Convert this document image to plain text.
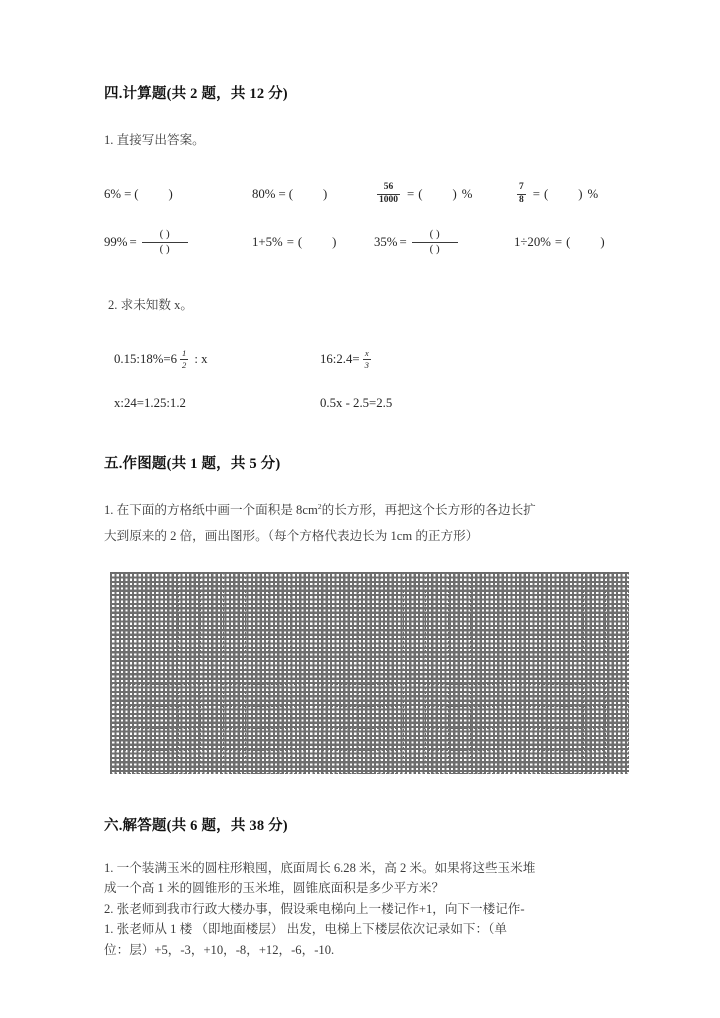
四.计算题(共 2 题，共 12 分)
1. 直接写出答案。
6% = ( )	80% = ( )	$\frac{56}{1000}$ = ( ) %	$\frac{7}{8}$ = ( ) %
$99\% = \frac{( )}{( )}$	1+5% = ( )	$35\% = \frac{( )}{( )}$	1÷20% = ( )
2. 求未知数 x。
0.15:18%=6 $\frac{1}{2}$ : x	16:2.4= $\frac{x}{3}$
x:24=1.25:1.2	0.5x - 2.5=2.5
五.作图题(共 1 题，共 5 分)
1. 在下面的方格纸中画一个面积是 $8cm^2$的长方形，再把这个长方形的各边长扩
大到原来的 2 倍，画出图形。（每个方格代表边长为 1cm 的正方形）
六.解答题(共 6 题，共 38 分)
1. 一个装满玉米的圆柱形粮囤，底面周长 6.28 米，高 2 米。如果将这些玉米堆
成一个高 1 米的圆锥形的玉米堆，圆锥底面积是多少平方米？
2. 张老师到我市行政大楼办事，假设乘电梯向上一楼记作+1，向下一楼记作-
1. 张老师从 1 楼 （即地面楼层） 出发，电梯上下楼层依次记录如下：（单
位：层）+5，-3，+10，-8，+12，-6，-10.
